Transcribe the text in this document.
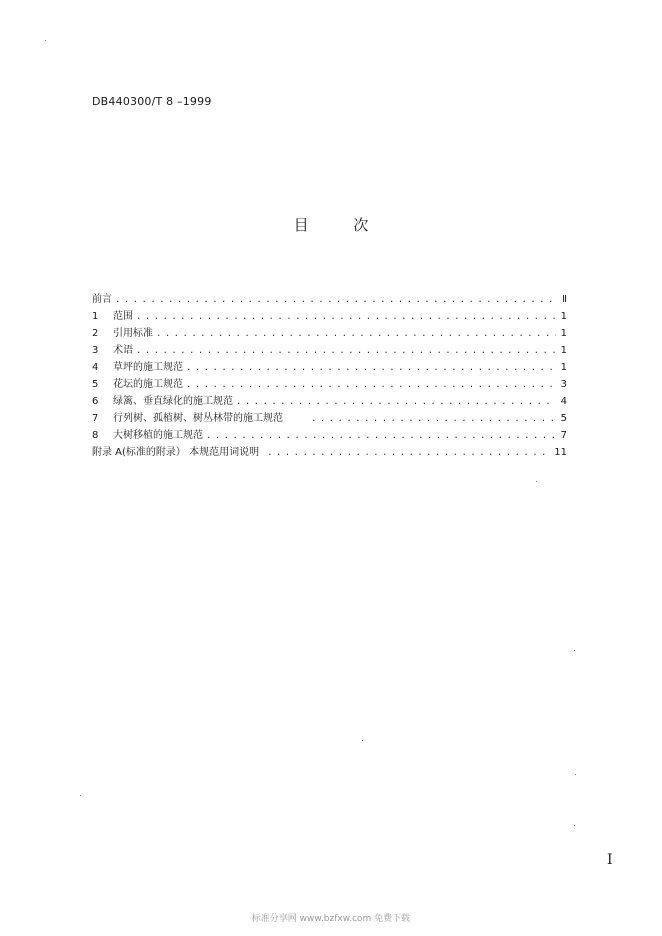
DB440300/T 8 –1999
目 次
前言 . . .	Ⅱ
1	范围 . . .	1
2	引用标准 . . .	1
3	术语 . . .	1
4	草坪的施工规范 . . .	1
5	花坛的施工规范 . . .	3
6	绿篱、垂直绿化的施工规范 . . .	4
7	行列树、孤植树、树丛林带的施工规范 . . .	5
8	大树移植的施工规范 . . .	7
附录 A(标准的附录） 本规范用词说明 . . .	11
I
标准分享网 www.bzfxw.com 免费下载
